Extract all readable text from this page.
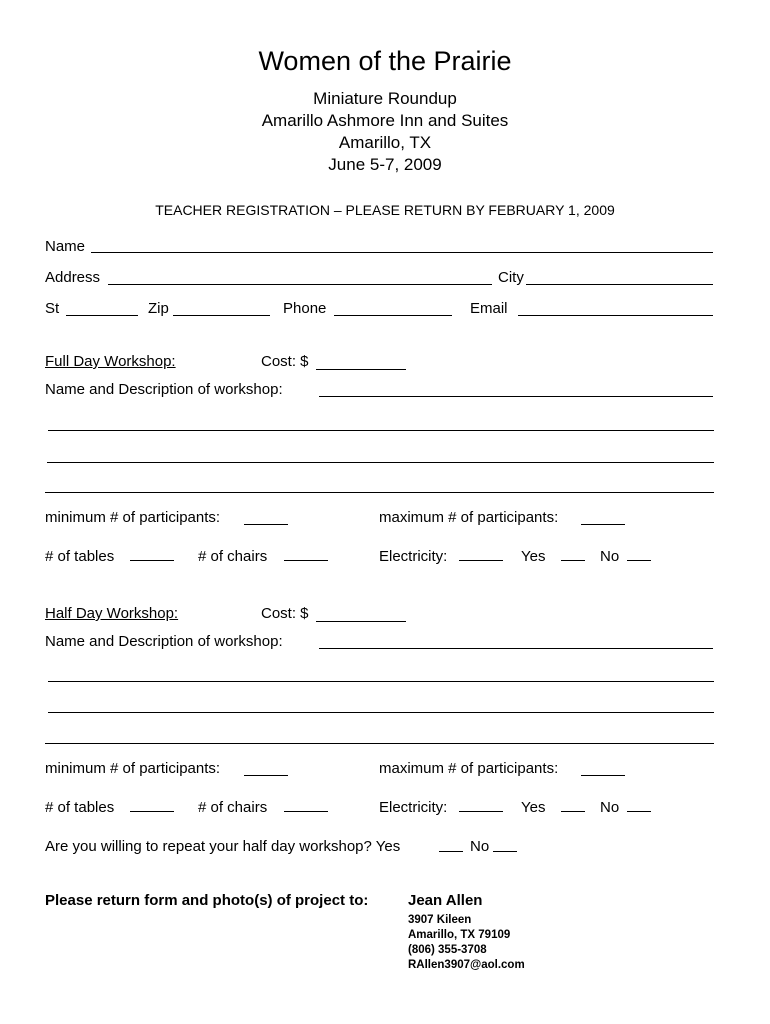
Women of the Prairie
Miniature Roundup
Amarillo Ashmore Inn and Suites
Amarillo, TX
June 5-7, 2009
TEACHER REGISTRATION – PLEASE RETURN BY FEBRUARY 1, 2009
Name
Address	City
St	Zip	Phone	Email
Full Day Workshop:	Cost: $
Name and Description of workshop:
minimum # of participants:	maximum # of participants:
# of tables	# of chairs	Electricity:	Yes	No
Half Day Workshop:	Cost: $
Name and Description of workshop:
minimum # of participants:	maximum # of participants:
# of tables	# of chairs	Electricity:	Yes	No
Are you willing to repeat your half day workshop? Yes	No
Please return form and photo(s) of project to:	Jean Allen
3907 Kileen
Amarillo, TX 79109
(806) 355-3708
RAllen3907@aol.com
